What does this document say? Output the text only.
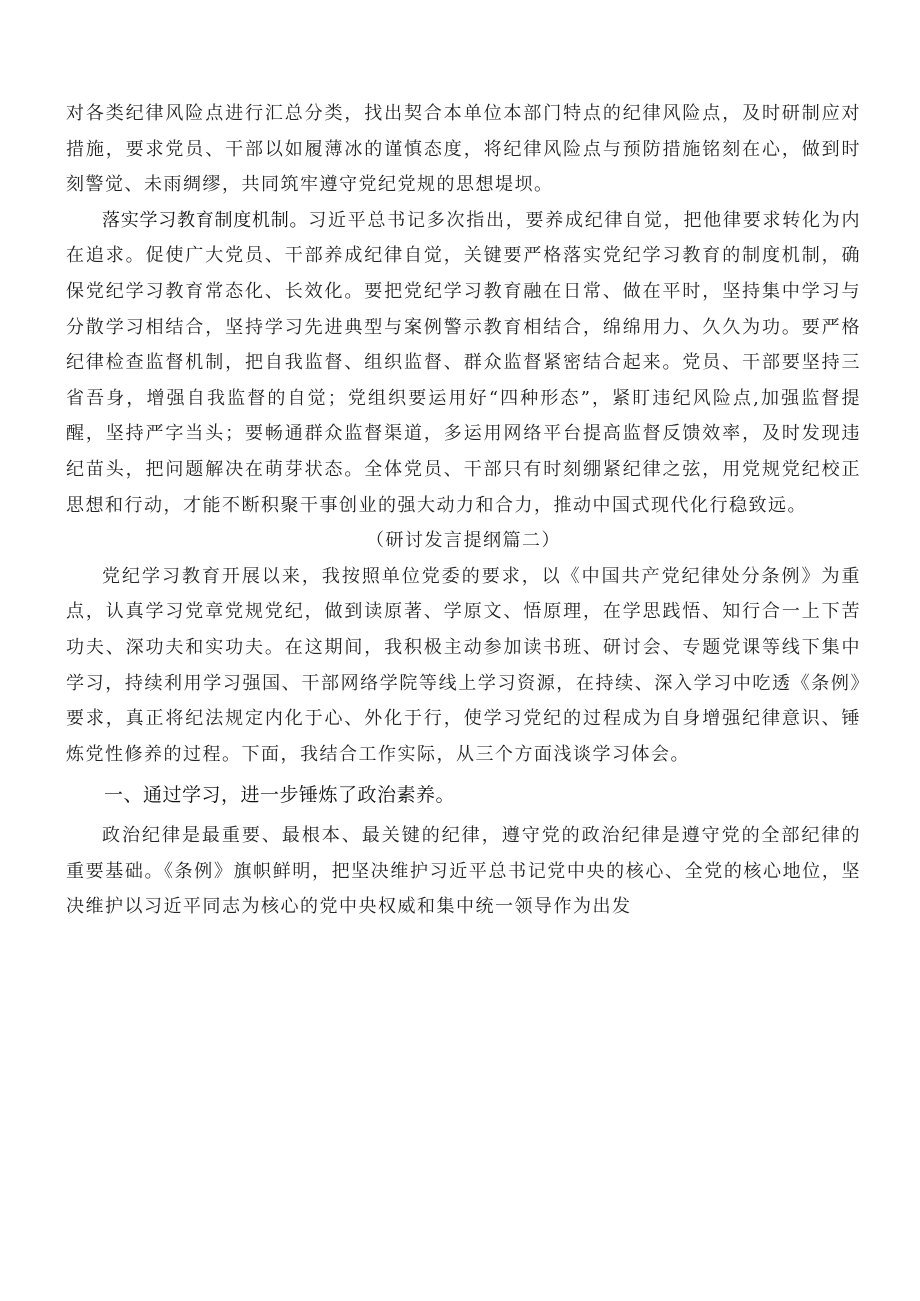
对各类纪律风险点进行汇总分类，找出契合本单位本部门特点的纪律风险点，及时研制应对措施，要求党员、干部以如履薄冰的谨慎态度，将纪律风险点与预防措施铭刻在心，做到时刻警觉、未雨绸缪，共同筑牢遵守党纪党规的思想堤坝。

落实学习教育制度机制。习近平总书记多次指出，要养成纪律自觉，把他律要求转化为内在追求。促使广大党员、干部养成纪律自觉，关键要严格落实党纪学习教育的制度机制，确保党纪学习教育常态化、长效化。要把党纪学习教育融在日常、做在平时，坚持集中学习与分散学习相结合，坚持学习先进典型与案例警示教育相结合，绵绵用力、久久为功。要严格纪律检查监督机制，把自我监督、组织监督、群众监督紧密结合起来。党员、干部要坚持三省吾身，增强自我监督的自觉；党组织要运用好“四种形态”，紧盯违纪风险点,加强监督提醒，坚持严字当头；要畅通群众监督渠道，多运用网络平台提高监督反馈效率，及时发现违纪苗头，把问题解决在萌芽状态。全体党员、干部只有时刻绷紧纪律之弦，用党规党纪校正思想和行动，才能不断积聚干事创业的强大动力和合力，推动中国式现代化行稳致远。

（研讨发言提纲篇二）

党纪学习教育开展以来，我按照单位党委的要求，以《中国共产党纪律处分条例》为重点，认真学习党章党规党纪，做到读原著、学原文、悟原理，在学思践悟、知行合一上下苦功夫、深功夫和实功夫。在这期间，我积极主动参加读书班、研讨会、专题党课等线下集中学习，持续利用学习强国、干部网络学院等线上学习资源，在持续、深入学习中吃透《条例》要求，真正将纪法规定内化于心、外化于行，使学习党纪的过程成为自身增强纪律意识、锤炼党性修养的过程。下面，我结合工作实际，从三个方面浅谈学习体会。

一、通过学习，进一步锤炼了政治素养。

政治纪律是最重要、最根本、最关键的纪律，遵守党的政治纪律是遵守党的全部纪律的重要基础。《条例》旗帜鲜明，把坚决维护习近平总书记党中央的核心、全党的核心地位，坚决维护以习近平同志为核心的党中央权威和集中统一领导作为出发
